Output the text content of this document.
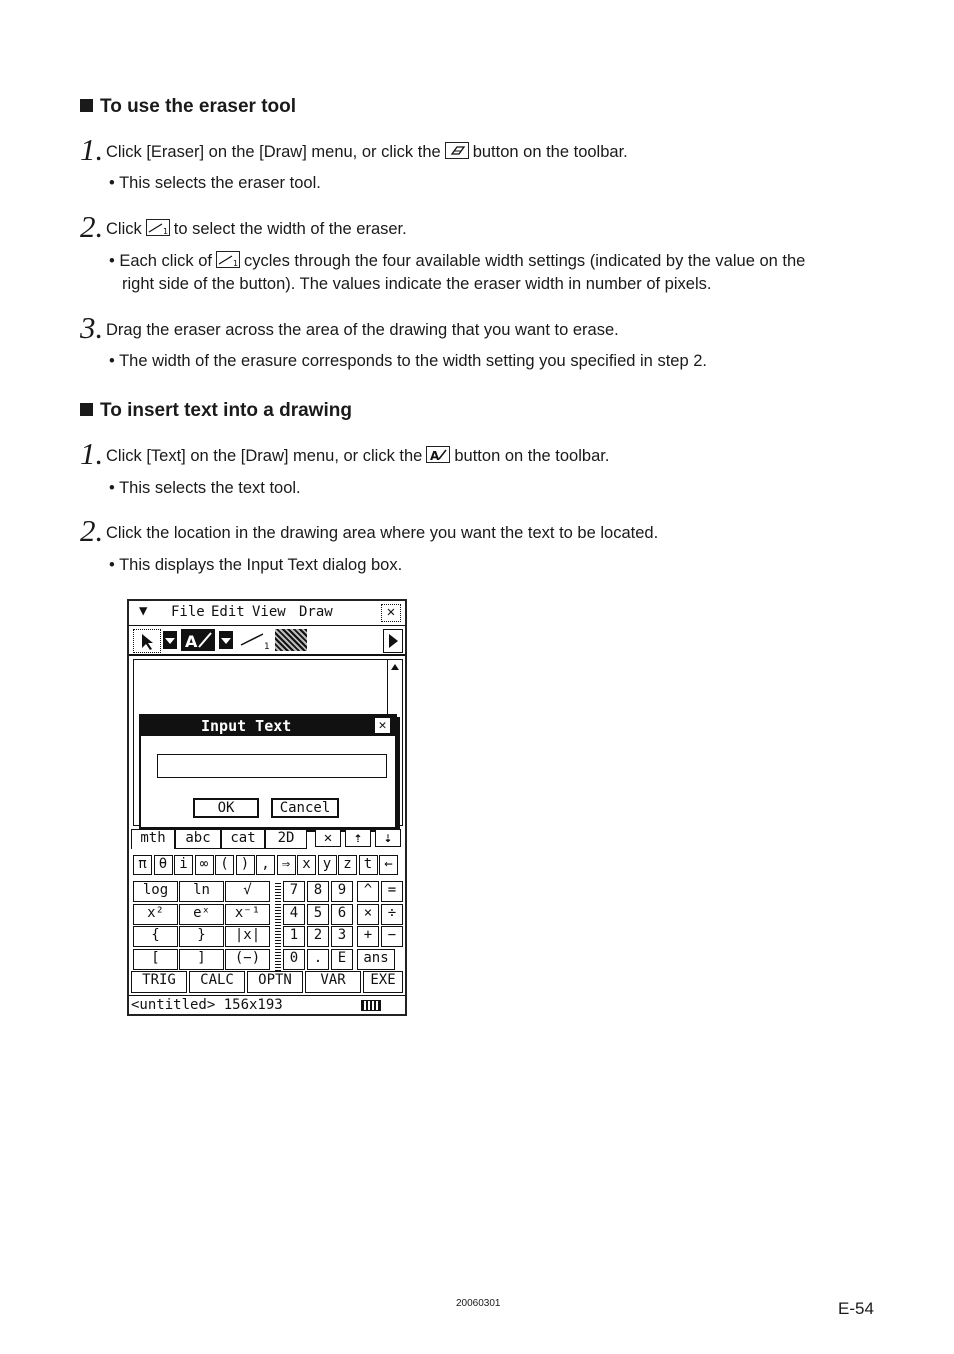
To use the eraser tool
1. Click [Eraser] on the [Draw] menu, or click the button on the toolbar.
• This selects the eraser tool.
2. Click	1 to select the width of the eraser.
• Each click of	1 cycles through the four available width settings (indicated by the value on the
right side of the button). The values indicate the eraser width in number of pixels.
3. Drag the eraser across the area of the drawing that you want to erase.
• The width of the erasure corresponds to the width setting you specified in step 2.
To insert text into a drawing
1. Click [Text] on the [Draw] menu, or click the A button on the toolbar.
• This selects the text tool.
2. Click the location in the drawing area where you want the text to be located.
• This displays the Input Text dialog box.
▼ File Edit View Draw	✕
A	1
Input Text	✕
OK	Cancel
mth	abc	cat	2D	✕	⇡	⇣
π θ i ∞ ( ) , ⇒ x y z t ←
log	ln	√
x²	eˣ	x⁻¹
{	}	|x|
[	]	(−)
7	8	9	^	=
4	5	6	×	÷
1	2	3	+	−
0	.	E	ans
TRIG	CALC	OPTN	VAR	EXE
<untitled> 156x193
20060301	E-54
